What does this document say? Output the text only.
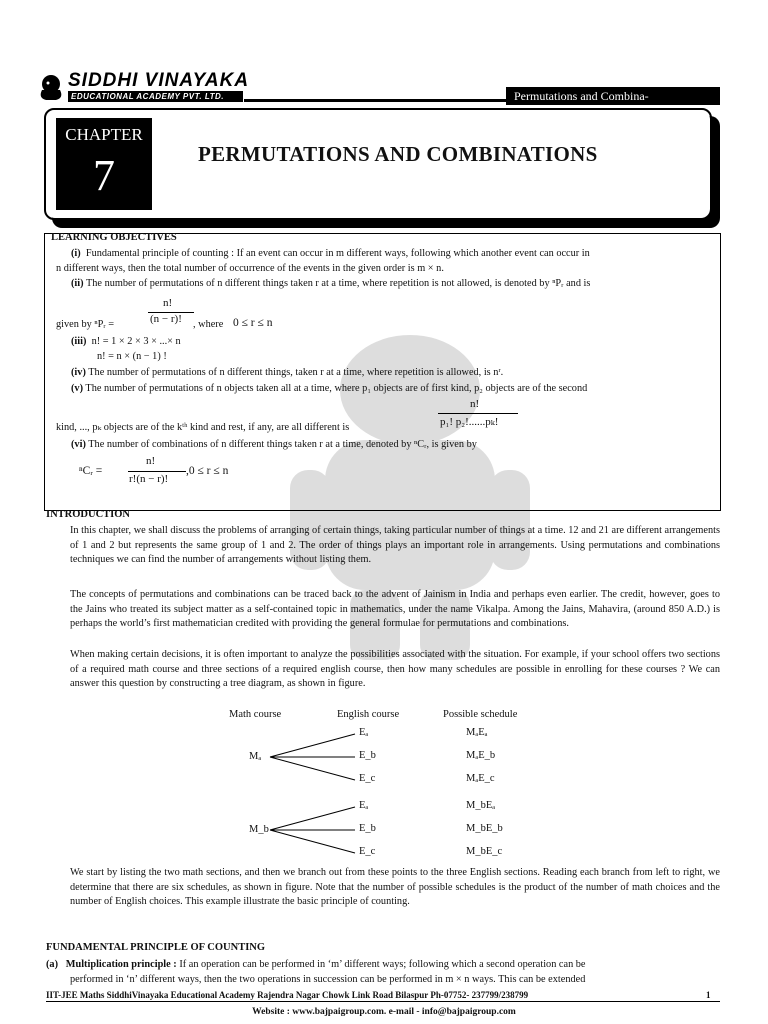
SIDDHI VINAYAKA
EDUCATIONAL ACADEMY PVT. LTD.	Permutations and Combina-
CHAPTER
7	PERMUTATIONS AND COMBINATIONS
LEARNING OBJECTIVES
(i) Fundamental principle of counting : If an event can occur in m different ways, following which another event can occur in
n different ways, then the total number of occurrence of the events in the given order is m × n.
(ii) The number of permutations of n different things taken r at a time, where repetition is not allowed, is denoted by ⁿPᵣ and is
n!
(n − r)!
given by ⁿPᵣ =	, where 0 ≤ r ≤ n
(iii) n! = 1 × 2 × 3 × ...× n
n! = n × (n − 1) !
(iv) The number of permutations of n different things, taken r at a time, where repetition is allowed, is nʳ.
(v) The number of permutations of n objects taken all at a time, where p₁ objects are of first kind, p₂ objects are of the second
n!
kind, ..., pₖ objects are of the kᵗʰ kind and rest, if any, are all different is	p₁! p₂!......pₖ!
(vi) The number of combinations of n different things taken r at a time, denoted by ⁿCᵣ, is given by
ⁿCᵣ =
n!
r!(n − r)!
,0 ≤ r ≤ n
INTRODUCTION
In this chapter, we shall discuss the problems of arranging of certain things, taking particular number of things at a time. 12 and 21 are different arrangements of 1 and 2 but represents the same group of 1 and 2. The order of things plays an important role in arrangements. Using permutations and combinations techniques we can find the number of arrangements without listing them.
The concepts of permutations and combinations can be traced back to the advent of Jainism in India and perhaps even earlier. The credit, however, goes to the Jains who treated its subject matter as a self-contained topic in mathematics, under the name Vikalpa. Among the Jains, Mahavira, (around 850 A.D.) is perhaps the world’s first mathematician credited with providing the general formulae for permutations and combinations.
When making certain decisions, it is often important to analyze the possibilities associated with the situation. For example, if your school offers two sections of a required math course and three sections of a required english course, then how many schedules are possible in enrolling for these courses ? We can answer this question by constructing a tree diagram, as shown in figure.
Math course	English course	Possible schedule
Mₐ
M_b
Eₐ
E_b
E_c
Eₐ
E_b
E_c
MₐEₐ
MₐE_b
MₐE_c
M_bEₐ
M_bE_b
M_bE_c
We start by listing the two math sections, and then we branch out from these points to the three English sections. Reading each branch from left to right, we determine that there are six schedules, as shown in figure. Note that the number of possible schedules is the product of the number of math choices and the number of English choices. This example illustrate the basic principle of counting.
FUNDAMENTAL PRINCIPLE OF COUNTING
(a) Multiplication principle : If an operation can be performed in ‘m’ different ways; following which a second operation can be
performed in ‘n’ different ways, then the two operations in succession can be performed in m × n ways. This can be extended
IIT-JEE Maths SiddhiVinayaka Educational Academy Rajendra Nagar Chowk Link Road Bilaspur Ph-07752- 237799/238799	1
Website : www.bajpaigroup.com. e-mail - info@bajpaigroup.com
